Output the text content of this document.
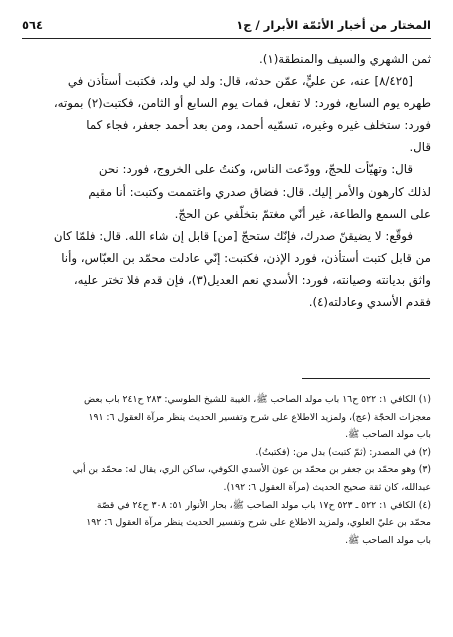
المختار من أخبار الأئمّة الأبرار / ج١
٥٦٤

ثمن الشهري والسيف والمنطقة(١).

[٨/٤٢٥] عنه، عن عليٍّ، عمّن حدثه، قال: ولد لي ولد، فكتبت أستأذن في

طهره يوم السابع، فورد: لا تفعل، فمات يوم السابع أو الثامن، فكتبت(٢) بموته،

فورد: ستخلف غيره وغيره، تسمّيه أحمد، ومن بعد أحمد جعفر، فجاء كما

قال.

قال: وتهيّأت للحجّ، وودّعت الناس، وكنتُ على الخروج، فورد: نحن

لذلك كارهون والأمر إليك. قال: فضاق صدري واغتممت وكتبت: أنا مقيم

على السمع والطاعة، غير أنّي مغتمّ بتخلّفي عن الحجّ.

فوقّع: لا يضيقنّ صدرك، فإنّك ستحجّ [من] قابل إن شاء الله. قال: فلمّا كان

من قابل كتبت أستأذن، فورد الإذن، فكتبت: إنّي عادلت محمّد بن العبّاس، وأنا

واثق بديانته وصيانته، فورد: الأسدي نعم العديل(٣)، فإن قدم فلا تختر عليه،

فقدم الأسدي وعادلته(٤).

(١) الكافي ١: ٥٢٢ ح١٦ باب مولد الصاحب ﷺ، الغيبة للشيخ الطوسي: ٢٨٣ ح٢٤١ باب بعض

معجزات الحجّة (عج)، ولمزيد الاطلاع على شرح وتفسير الحديث ينظر مرآة العقول ٦: ١٩١

باب مولد الصاحب ﷺ.

(٢) في المصدر: (ثمّ كتبت) بدل من: (فكتبتُ).

(٣) وهو محمّد بن جعفر بن محمّد بن عون الأسدي الكوفي، ساكن الري، يقال له: محمّد بن أبي

عبدالله، كان ثقة صحيح الحديث (مرآة العقول ٦: ١٩٢).

(٤) الكافي ١: ٥٢٢ ـ ٥٢٣ ح١٧ باب مولد الصاحب ﷺ، بحار الأنوار ٥١: ٣٠٨ ح٢٤ في قصّة

محمّد بن عليّ العلوي، ولمزيد الاطلاع على شرح وتفسير الحديث ينظر مرآة العقول ٦: ١٩٢

باب مولد الصاحب ﷺ.
